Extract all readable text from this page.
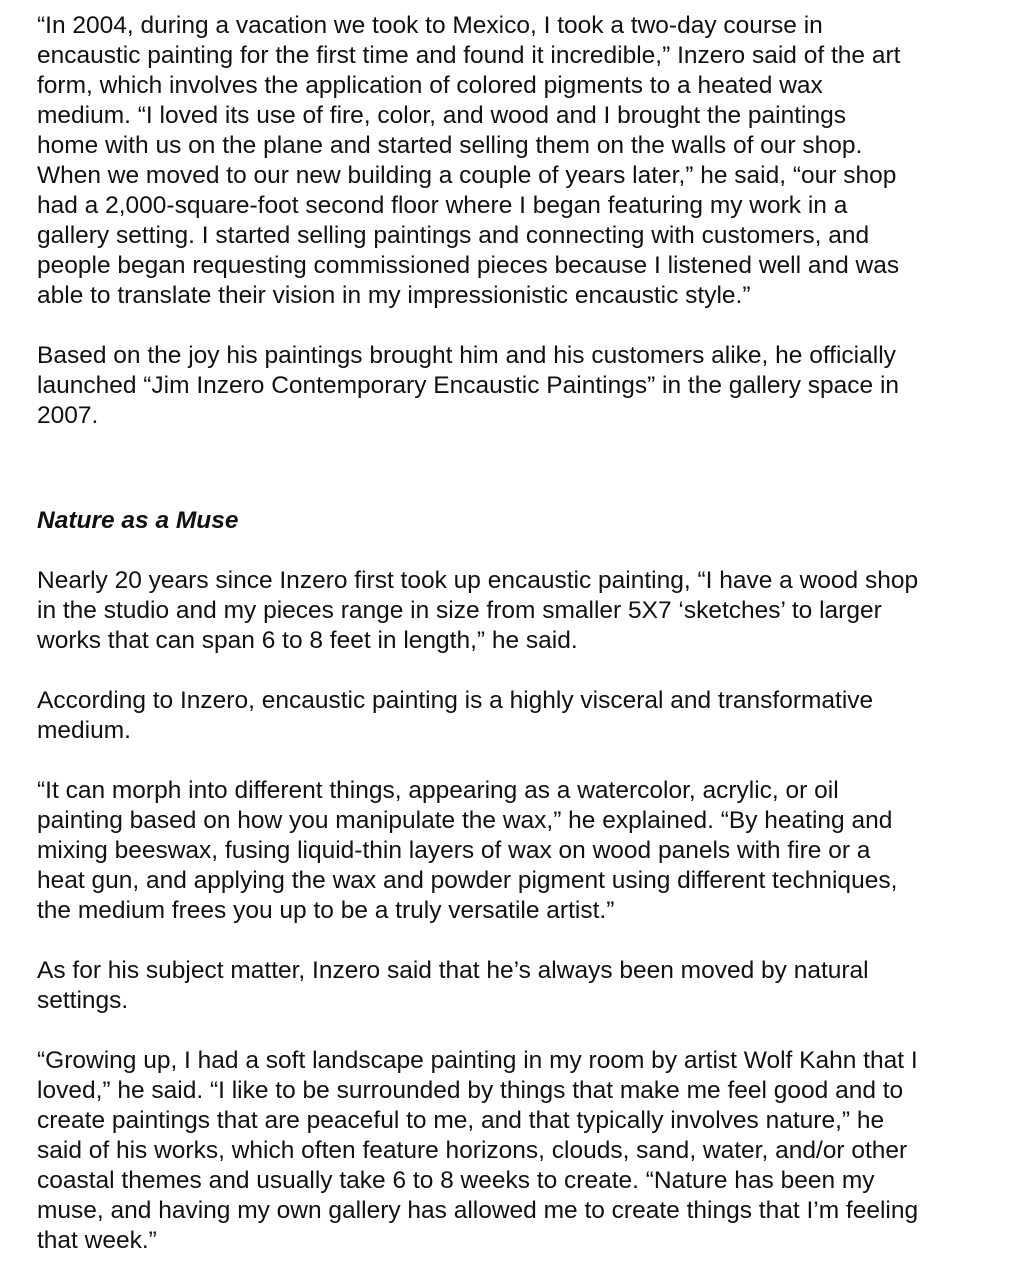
“In 2004, during a vacation we took to Mexico, I took a two-day course in
encaustic painting for the first time and found it incredible,” Inzero said of the art
form, which involves the application of colored pigments to a heated wax
medium. “I loved its use of fire, color, and wood and I brought the paintings
home with us on the plane and started selling them on the walls of our shop.
When we moved to our new building a couple of years later,” he said, “our shop
had a 2,000-square-foot second floor where I began featuring my work in a
gallery setting. I started selling paintings and connecting with customers, and
people began requesting commissioned pieces because I listened well and was
able to translate their vision in my impressionistic encaustic style.”

Based on the joy his paintings brought him and his customers alike, he officially
launched “Jim Inzero Contemporary Encaustic Paintings” in the gallery space in
2007.

Nature as a Muse

Nearly 20 years since Inzero first took up encaustic painting, “I have a wood shop
in the studio and my pieces range in size from smaller 5X7 ‘sketches’ to larger
works that can span 6 to 8 feet in length,” he said.

According to Inzero, encaustic painting is a highly visceral and transformative
medium.

“It can morph into different things, appearing as a watercolor, acrylic, or oil
painting based on how you manipulate the wax,” he explained. “By heating and
mixing beeswax, fusing liquid-thin layers of wax on wood panels with fire or a
heat gun, and applying the wax and powder pigment using different techniques,
the medium frees you up to be a truly versatile artist.”

As for his subject matter, Inzero said that he’s always been moved by natural
settings.

“Growing up, I had a soft landscape painting in my room by artist Wolf Kahn that I
loved,” he said. “I like to be surrounded by things that make me feel good and to
create paintings that are peaceful to me, and that typically involves nature,” he
said of his works, which often feature horizons, clouds, sand, water, and/or other
coastal themes and usually take 6 to 8 weeks to create. “Nature has been my
muse, and having my own gallery has allowed me to create things that I’m feeling
that week.”
